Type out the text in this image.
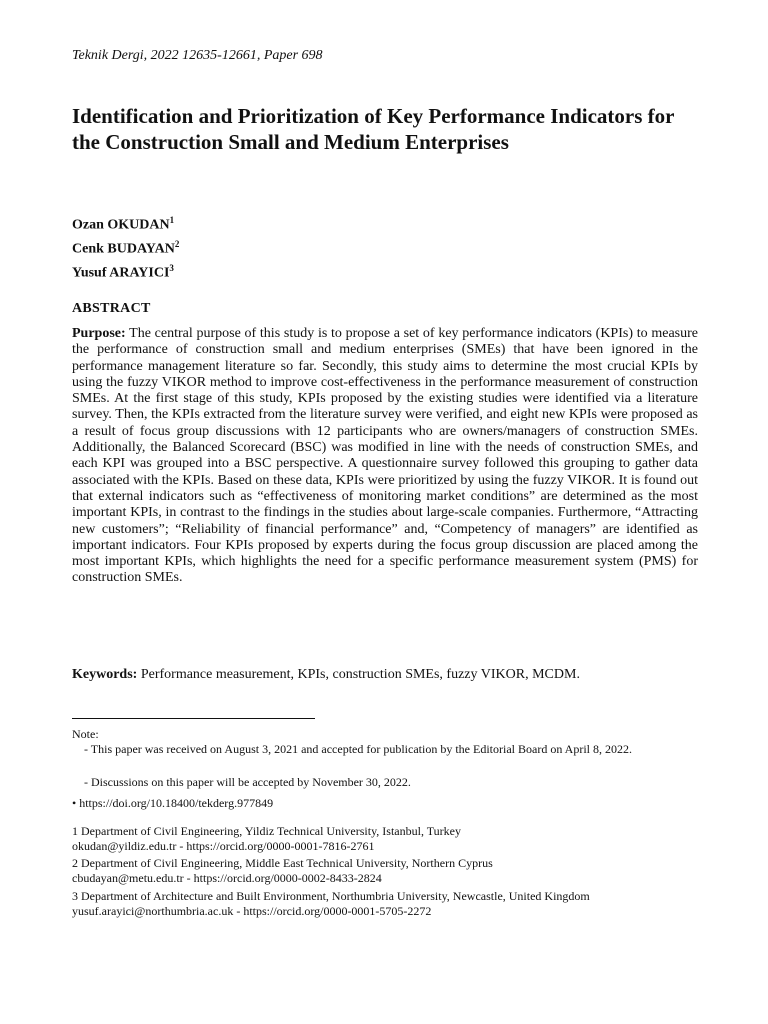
Teknik Dergi, 2022 12635-12661, Paper 698
Identification and Prioritization of Key Performance Indicators for the Construction Small and Medium Enterprises
Ozan OKUDAN$^1$
Cenk BUDAYAN$^2$
Yusuf ARAYICI$^3$
ABSTRACT

Purpose: The central purpose of this study is to propose a set of key performance indicators (KPIs) to measure the performance of construction small and medium enterprises (SMEs) that have been ignored in the performance management literature so far. Secondly, this study aims to determine the most crucial KPIs by using the fuzzy VIKOR method to improve cost-effectiveness in the performance measurement of construction SMEs. At the first stage of this study, KPIs proposed by the existing studies were identified via a literature survey. Then, the KPIs extracted from the literature survey were verified, and eight new KPIs were proposed as a result of focus group discussions with 12 participants who are owners/managers of construction SMEs. Additionally, the Balanced Scorecard (BSC) was modified in line with the needs of construction SMEs, and each KPI was grouped into a BSC perspective. A questionnaire survey followed this grouping to gather data associated with the KPIs. Based on these data, KPIs were prioritized by using the fuzzy VIKOR. It is found out that external indicators such as “effectiveness of monitoring market conditions” are determined as the most important KPIs, in contrast to the findings in the studies about large-scale companies. Furthermore, “Attracting new customers”; “Reliability of financial performance” and, “Competency of managers” are identified as important indicators. Four KPIs proposed by experts during the focus group discussion are placed among the most important KPIs, which highlights the need for a specific performance measurement system (PMS) for construction SMEs.

Keywords: Performance measurement, KPIs, construction SMEs, fuzzy VIKOR, MCDM.

Note:
- This paper was received on August 3, 2021 and accepted for publication by the Editorial Board on April 8, 2022.
- Discussions on this paper will be accepted by November 30, 2022.
• https://doi.org/10.18400/tekderg.977849
1 Department of Civil Engineering, Yildiz Technical University, Istanbul, Turkey
okudan@yildiz.edu.tr - https://orcid.org/0000-0001-7816-2761
2 Department of Civil Engineering, Middle East Technical University, Northern Cyprus
cbudayan@metu.edu.tr - https://orcid.org/0000-0002-8433-2824
3 Department of Architecture and Built Environment, Northumbria University, Newcastle, United Kingdom
yusuf.arayici@northumbria.ac.uk - https://orcid.org/0000-0001-5705-2272
